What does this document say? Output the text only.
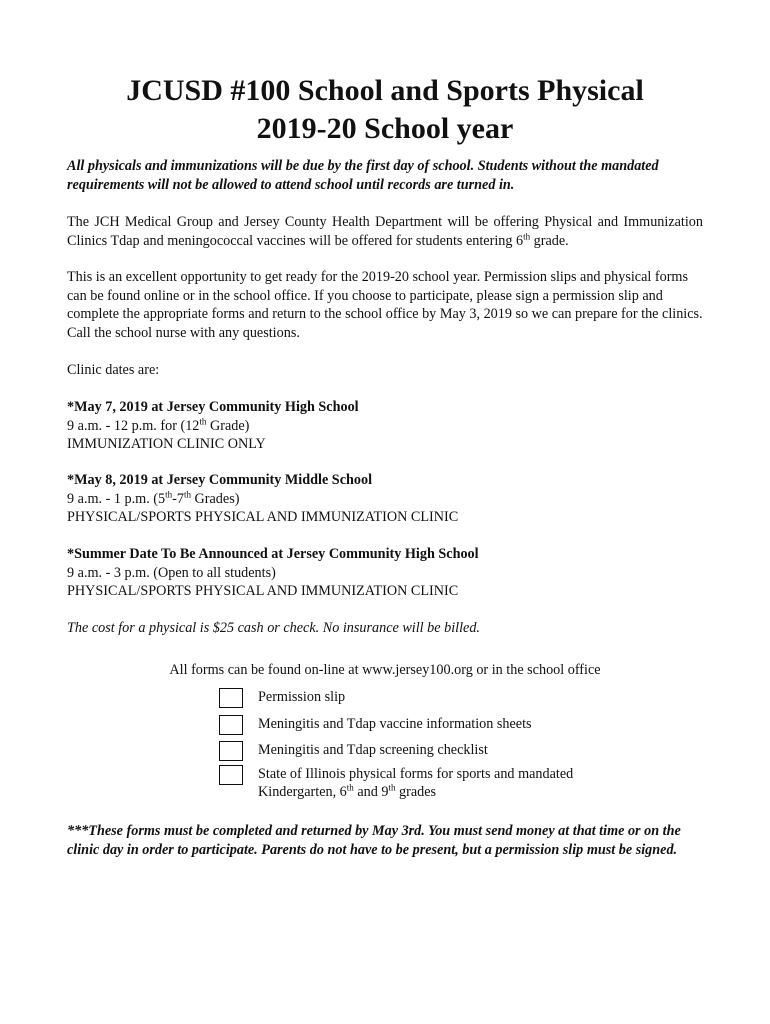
JCUSD #100 School and Sports Physical
2019-20 School year

All physicals and immunizations will be due by the first day of school. Students without the mandated requirements will not be allowed to attend school until records are turned in.

The JCH Medical Group and Jersey County Health Department will be offering Physical and Immunization Clinics Tdap and meningococcal vaccines will be offered for students entering 6th grade.

This is an excellent opportunity to get ready for the 2019-20 school year. Permission slips and physical forms can be found online or in the school office. If you choose to participate, please sign a permission slip and complete the appropriate forms and return to the school office by May 3, 2019 so we can prepare for the clinics. Call the school nurse with any questions.

Clinic dates are:

*May 7, 2019 at Jersey Community High School
9 a.m. - 12 p.m. for (12th Grade)
IMMUNIZATION CLINIC ONLY
*May 8, 2019 at Jersey Community Middle School
9 a.m. - 1 p.m. (5th-7th Grades)
PHYSICAL/SPORTS PHYSICAL AND IMMUNIZATION CLINIC
*Summer Date To Be Announced at Jersey Community High School
9 a.m. - 3 p.m. (Open to all students)
PHYSICAL/SPORTS PHYSICAL AND IMMUNIZATION CLINIC

The cost for a physical is $25 cash or check. No insurance will be billed.

All forms can be found on-line at www.jersey100.org or in the school office
Permission slip
Meningitis and Tdap vaccine information sheets
Meningitis and Tdap screening checklist
State of Illinois physical forms for sports and mandated
Kindergarten, 6th and 9th grades

***These forms must be completed and returned by May 3rd. You must send money at that time or on the clinic day in order to participate. Parents do not have to be present, but a permission slip must be signed.
